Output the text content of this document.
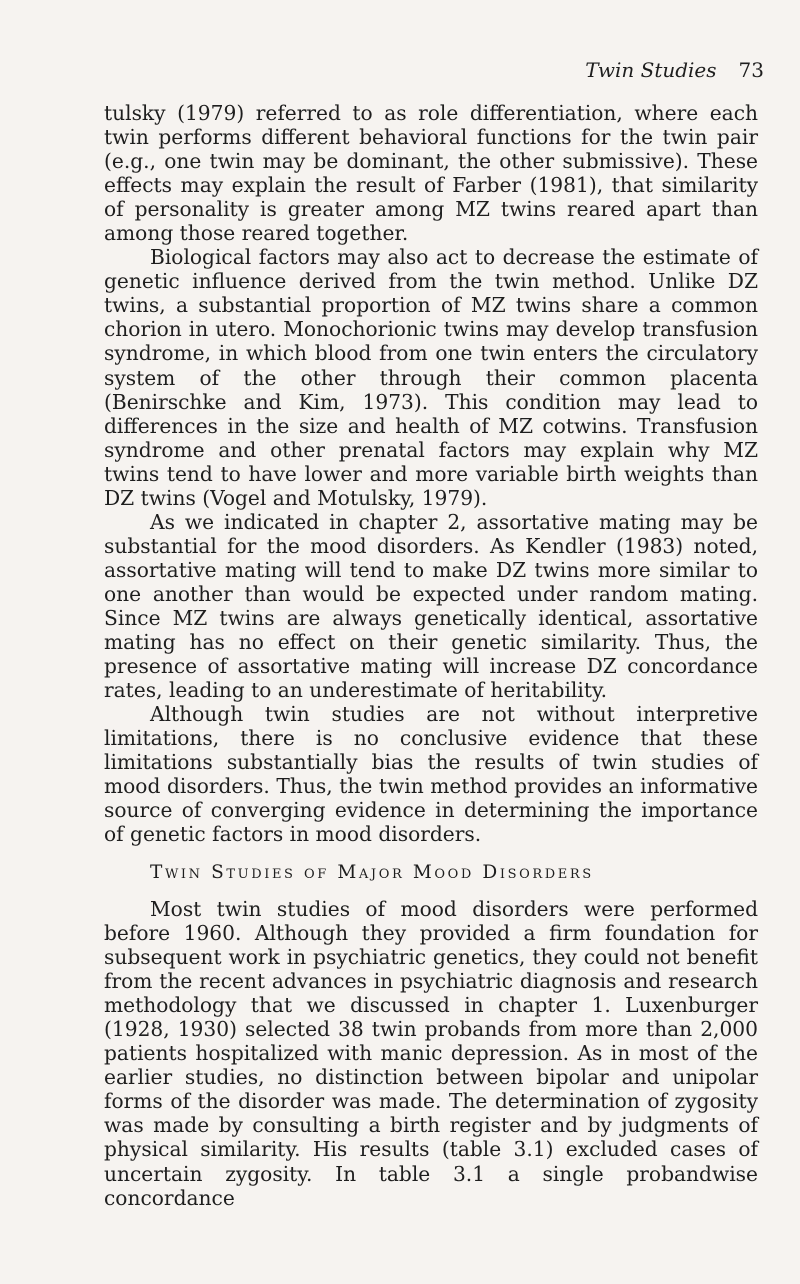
Twin Studies 73

tulsky (1979) referred to as role differentiation, where each twin performs different behavioral functions for the twin pair (e.g., one twin may be dominant, the other submissive). These effects may explain the result of Farber (1981), that similarity of personality is greater among MZ twins reared apart than among those reared together.

Biological factors may also act to decrease the estimate of genetic influence derived from the twin method. Unlike DZ twins, a substantial proportion of MZ twins share a common chorion in utero. Monochorionic twins may develop transfusion syndrome, in which blood from one twin enters the circulatory system of the other through their common placenta (Benirschke and Kim, 1973). This condition may lead to differences in the size and health of MZ cotwins. Transfusion syndrome and other prenatal factors may explain why MZ twins tend to have lower and more variable birth weights than DZ twins (Vogel and Motulsky, 1979).

As we indicated in chapter 2, assortative mating may be substantial for the mood disorders. As Kendler (1983) noted, assortative mating will tend to make DZ twins more similar to one another than would be expected under random mating. Since MZ twins are always genetically identical, assortative mating has no effect on their genetic similarity. Thus, the presence of assortative mating will increase DZ concordance rates, leading to an underestimate of heritability.

Although twin studies are not without interpretive limitations, there is no conclusive evidence that these limitations substantially bias the results of twin studies of mood disorders. Thus, the twin method provides an informative source of converging evidence in determining the importance of genetic factors in mood disorders.

Twin Studies of Major Mood Disorders

Most twin studies of mood disorders were performed before 1960. Although they provided a firm foundation for subsequent work in psychiatric genetics, they could not benefit from the recent advances in psychiatric diagnosis and research methodology that we discussed in chapter 1. Luxenburger (1928, 1930) selected 38 twin probands from more than 2,000 patients hospitalized with manic depression. As in most of the earlier studies, no distinction between bipolar and unipolar forms of the disorder was made. The determination of zygosity was made by consulting a birth register and by judgments of physical similarity. His results (table 3.1) excluded cases of uncertain zygosity. In table 3.1 a single probandwise concordance
